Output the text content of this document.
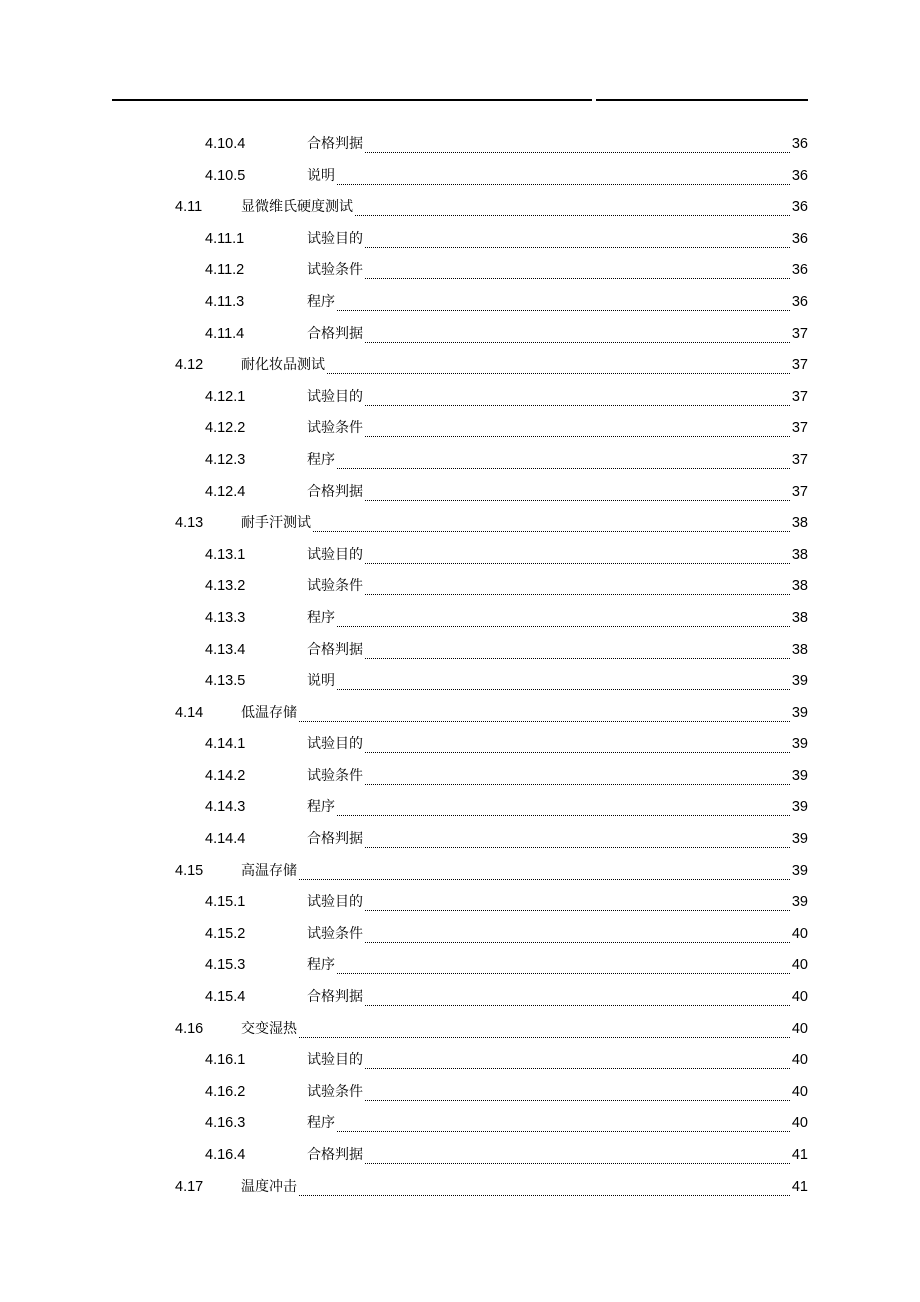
4.10.4	合格判据	36
4.10.5	说明	36
4.11	显微维氏硬度测试	36
4.11.1	试验目的	36
4.11.2	试验条件	36
4.11.3	程序	36
4.11.4	合格判据	37
4.12	耐化妆品测试	37
4.12.1	试验目的	37
4.12.2	试验条件	37
4.12.3	程序	37
4.12.4	合格判据	37
4.13	耐手汗测试	38
4.13.1	试验目的	38
4.13.2	试验条件	38
4.13.3	程序	38
4.13.4	合格判据	38
4.13.5	说明	39
4.14	低温存储	39
4.14.1	试验目的	39
4.14.2	试验条件	39
4.14.3	程序	39
4.14.4	合格判据	39
4.15	高温存储	39
4.15.1	试验目的	39
4.15.2	试验条件	40
4.15.3	程序	40
4.15.4	合格判据	40
4.16	交变湿热	40
4.16.1	试验目的	40
4.16.2	试验条件	40
4.16.3	程序	40
4.16.4	合格判据	41
4.17	温度冲击	41
